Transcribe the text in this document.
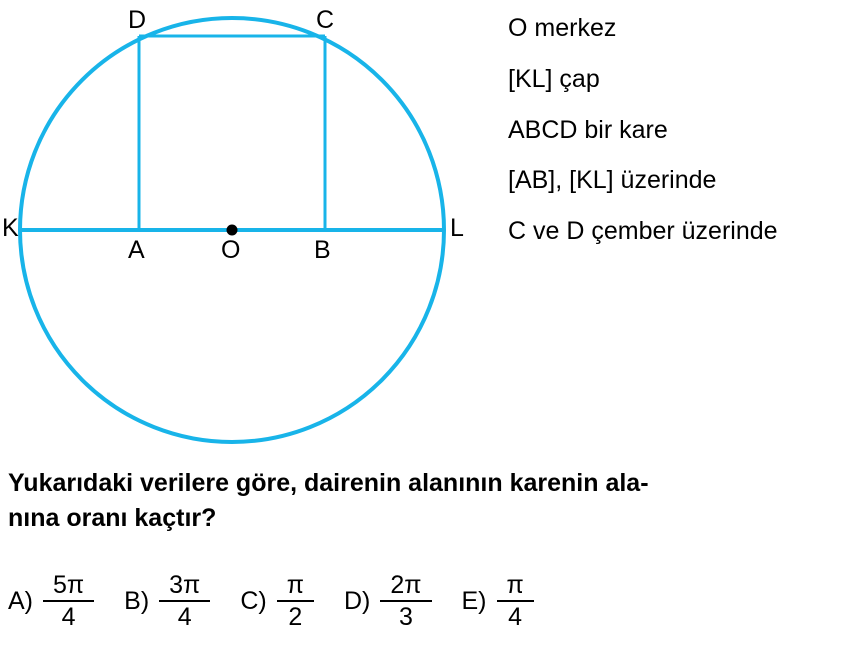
D	C
K	L
A	O	B
O merkez
[KL] çap
ABCD bir kare
[AB], [KL] üzerinde
C ve D çember üzerinde
Yukarıdaki verilere göre, dairenin alanının karenin ala-
nına oranı kaçtır?
$A) \frac{5\pi}{4} B) \frac{3\pi}{4} C) \frac{\pi}{2} D) \frac{2\pi}{3} E) \frac{\pi}{4}$
